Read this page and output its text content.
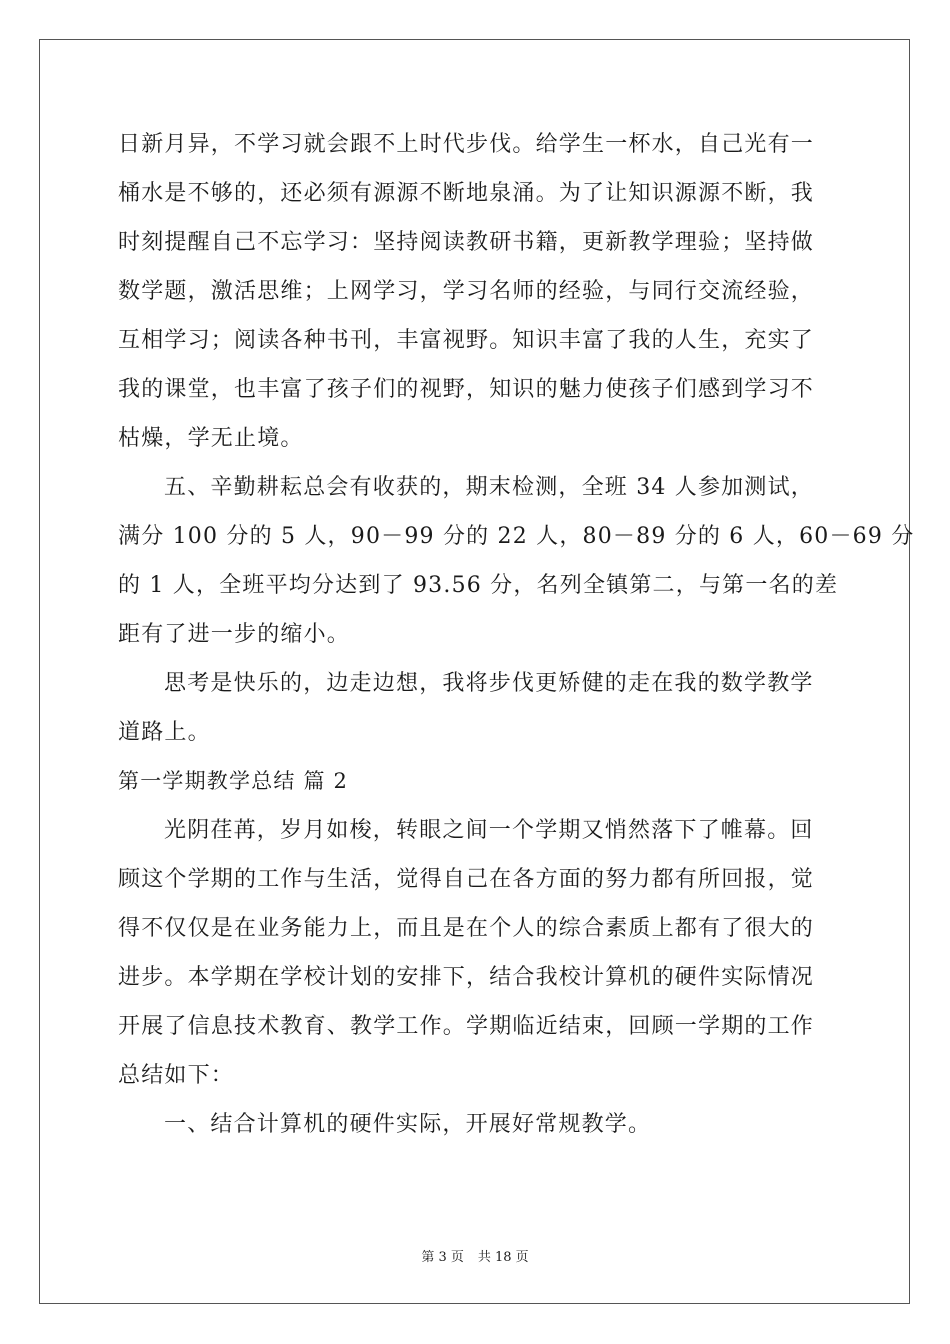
日新月异，不学习就会跟不上时代步伐。给学生一杯水，自己光有一
桶水是不够的，还必须有源源不断地泉涌。为了让知识源源不断，我
时刻提醒自己不忘学习：坚持阅读教研书籍，更新教学理验；坚持做
数学题，激活思维；上网学习，学习名师的经验，与同行交流经验，
互相学习；阅读各种书刊，丰富视野。知识丰富了我的人生，充实了
我的课堂，也丰富了孩子们的视野，知识的魅力使孩子们感到学习不
枯燥，学无止境。
五、辛勤耕耘总会有收获的，期末检测，全班 34 人参加测试，
满分 100 分的 5 人，90－99 分的 22 人，80－89 分的 6 人，60－69 分
的 1 人，全班平均分达到了 93.56 分，名列全镇第二，与第一名的差
距有了进一步的缩小。
思考是快乐的，边走边想，我将步伐更矫健的走在我的数学教学
道路上。
第一学期教学总结 篇 2
光阴荏苒，岁月如梭，转眼之间一个学期又悄然落下了帷幕。回
顾这个学期的工作与生活，觉得自己在各方面的努力都有所回报，觉
得不仅仅是在业务能力上，而且是在个人的综合素质上都有了很大的
进步。本学期在学校计划的安排下，结合我校计算机的硬件实际情况
开展了信息技术教育、教学工作。学期临近结束，回顾一学期的工作
总结如下：
一、结合计算机的硬件实际，开展好常规教学。
第 3 页 共 18 页
